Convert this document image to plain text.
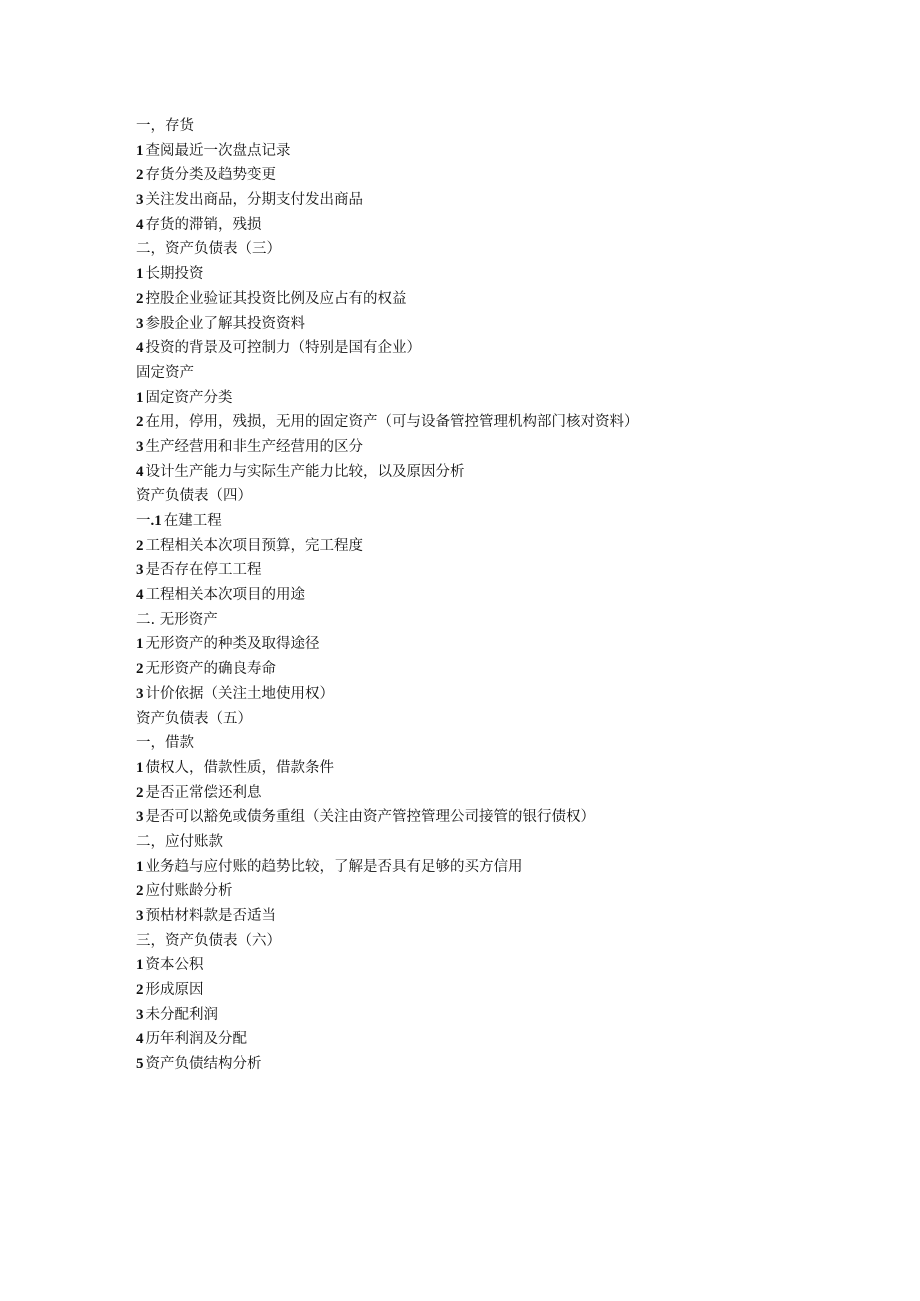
一，存货
1 查阅最近一次盘点记录
2 存货分类及趋势变更
3 关注发出商品，分期支付发出商品
4 存货的滞销，残损
二，资产负债表（三）
1 长期投资
2 控股企业验证其投资比例及应占有的权益
3 参股企业了解其投资资料
4 投资的背景及可控制力（特别是国有企业）
固定资产
1 固定资产分类
2 在用，停用，残损，无用的固定资产（可与设备管控管理机构部门核对资料）
3 生产经营用和非生产经营用的区分
4 设计生产能力与实际生产能力比较，以及原因分析
资产负债表（四）
一.1 在建工程
2 工程相关本次项目预算，完工程度
3 是否存在停工工程
4 工程相关本次项目的用途
二. 无形资产
1 无形资产的种类及取得途径
2 无形资产的确良寿命
3 计价依据（关注土地使用权）
资产负债表（五）
一，借款
1 债权人，借款性质，借款条件
2 是否正常偿还利息
3 是否可以豁免或债务重组（关注由资产管控管理公司接管的银行债权）
二，应付账款
1 业务趋与应付账的趋势比较，了解是否具有足够的买方信用
2 应付账龄分析
3 预枯材料款是否适当
三，资产负债表（六）
1 资本公积
2 形成原因
3 未分配利润
4 历年利润及分配
5 资产负债结构分析
